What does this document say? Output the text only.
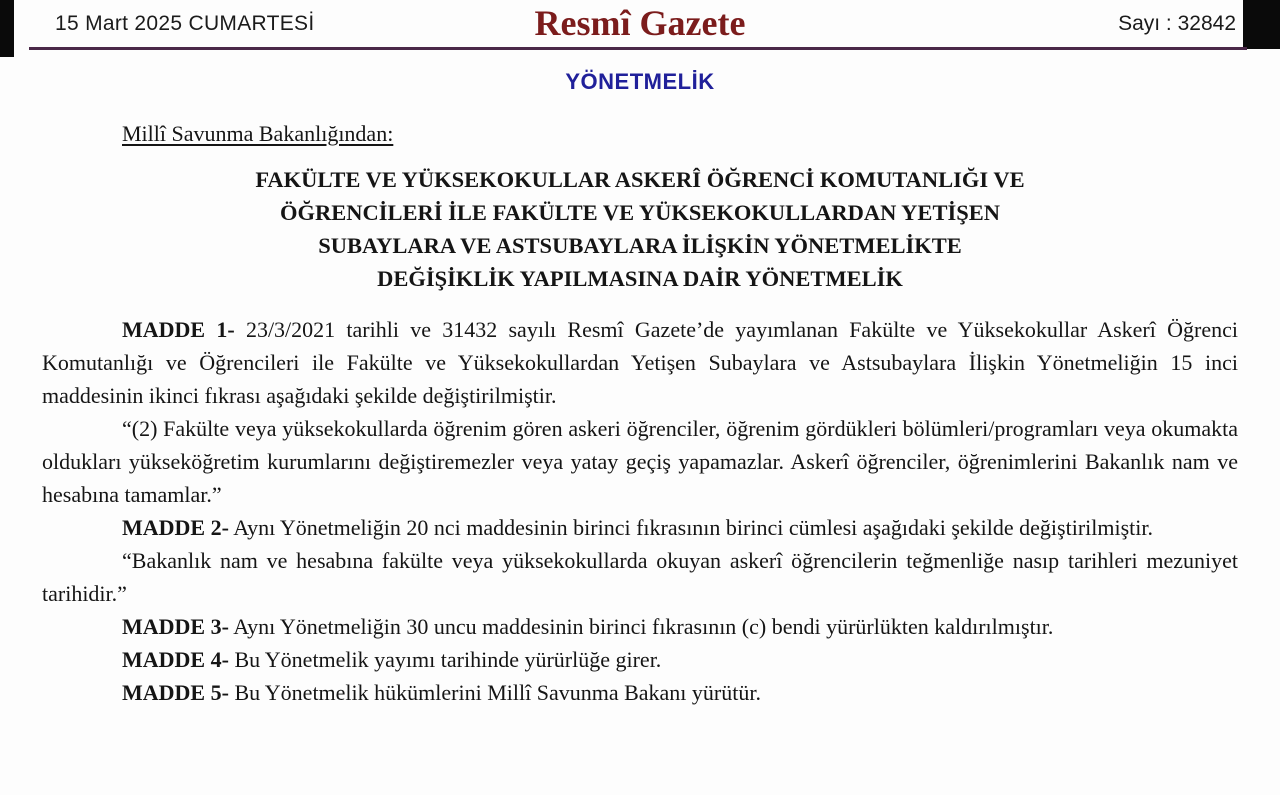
15 Mart 2025 CUMARTESİ	Resmî Gazete	Sayı : 32842
YÖNETMELİK
Millî Savunma Bakanlığından:
FAKÜLTE VE YÜKSEKOKULLAR ASKERÎ ÖĞRENCİ KOMUTANLIĞI VE
ÖĞRENCİLERİ İLE FAKÜLTE VE YÜKSEKOKULLARDAN YETİŞEN
SUBAYLARA VE ASTSUBAYLARA İLİŞKİN YÖNETMELİKTE
DEĞİŞİKLİK YAPILMASINA DAİR YÖNETMELİK

MADDE 1- 23/3/2021 tarihli ve 31432 sayılı Resmî Gazete’de yayımlanan Fakülte ve Yüksekokullar Askerî Öğrenci Komutanlığı ve Öğrencileri ile Fakülte ve Yüksekokullardan Yetişen Subaylara ve Astsubaylara İlişkin Yönetmeliğin 15 inci maddesinin ikinci fıkrası aşağıdaki şekilde değiştirilmiştir.

“(2) Fakülte veya yüksekokullarda öğrenim gören askeri öğrenciler, öğrenim gördükleri bölümleri/programları veya okumakta oldukları yükseköğretim kurumlarını değiştiremezler veya yatay geçiş yapamazlar. Askerî öğrenciler, öğrenimlerini Bakanlık nam ve hesabına tamamlar.”

MADDE 2- Aynı Yönetmeliğin 20 nci maddesinin birinci fıkrasının birinci cümlesi aşağıdaki şekilde değiştirilmiştir.

“Bakanlık nam ve hesabına fakülte veya yüksekokullarda okuyan askerî öğrencilerin teğmenliğe nasıp tarihleri mezuniyet tarihidir.”

MADDE 3- Aynı Yönetmeliğin 30 uncu maddesinin birinci fıkrasının (c) bendi yürürlükten kaldırılmıştır.

MADDE 4- Bu Yönetmelik yayımı tarihinde yürürlüğe girer.

MADDE 5- Bu Yönetmelik hükümlerini Millî Savunma Bakanı yürütür.
